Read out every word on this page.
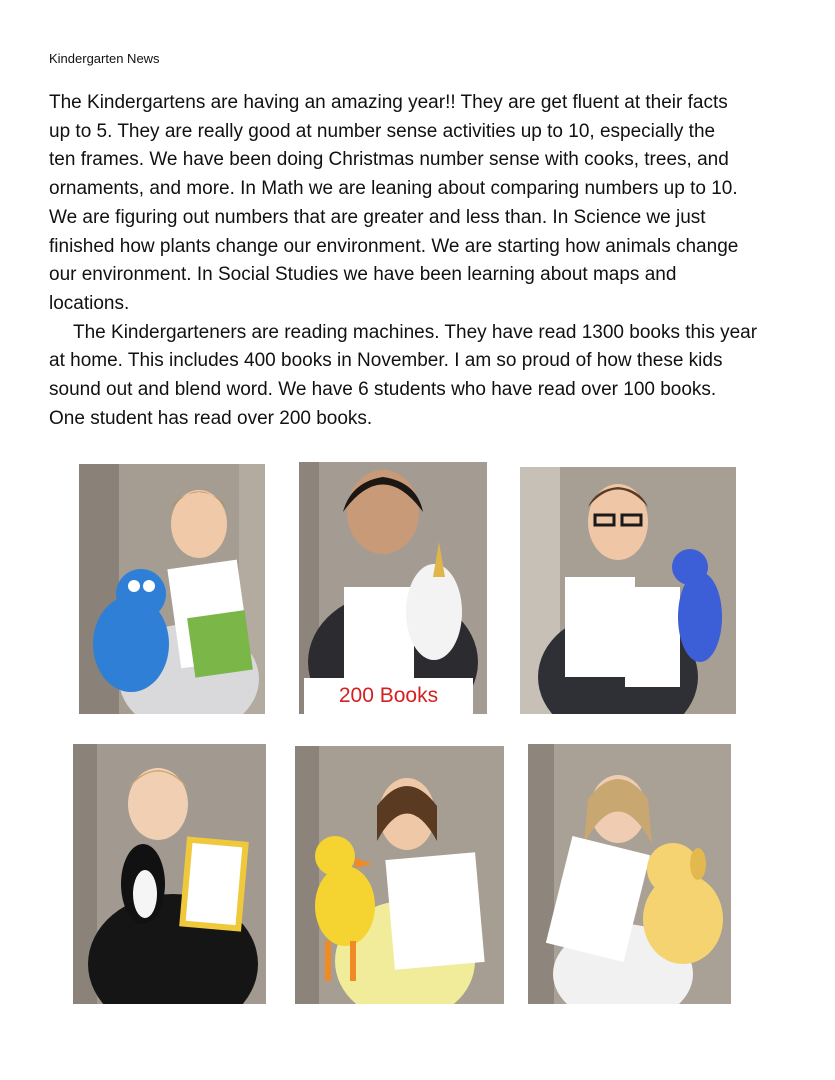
Kindergarten News
The Kindergartens are having an amazing year!! They are get fluent at their facts
up to 5. They are really good at number sense activities up to 10, especially the
ten frames. We have been doing Christmas number sense with cooks, trees, and
ornaments, and more. In Math we are leaning about comparing numbers up to 10.
We are figuring out numbers that are greater and less than. In Science we just
finished how plants change our environment. We are starting how animals change
our environment. In Social Studies we have been learning about maps and
locations.
The Kindergarteners are reading machines. They have read 1300 books this year
at home. This includes 400 books in November. I am so proud of how these kids
sound out and blend word. We have 6 students who have read over 100 books.
One student has read over 200 books.
200 Books
